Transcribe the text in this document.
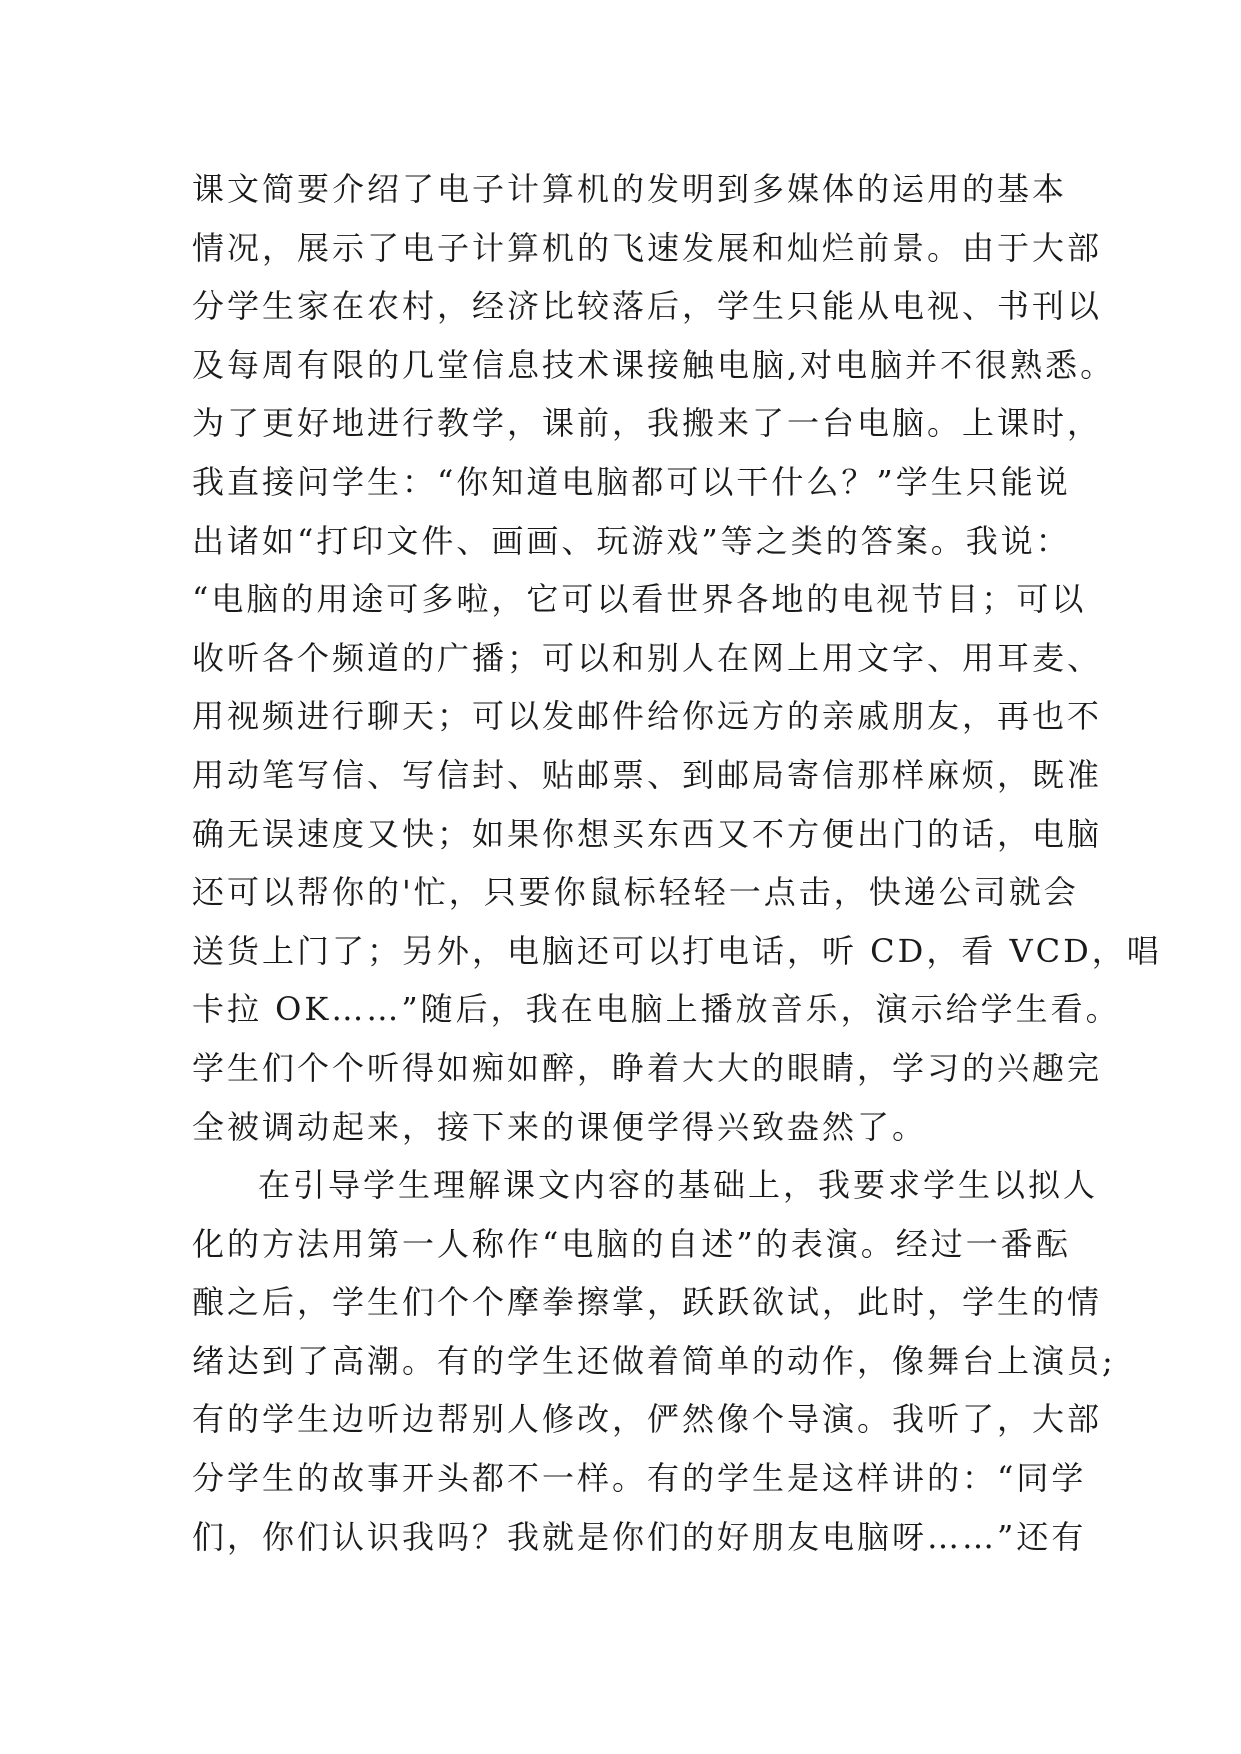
课文简要介绍了电子计算机的发明到多媒体的运用的基本
情况，展示了电子计算机的飞速发展和灿烂前景。由于大部
分学生家在农村，经济比较落后，学生只能从电视、书刊以
及每周有限的几堂信息技术课接触电脑,对电脑并不很熟悉。
为了更好地进行教学，课前，我搬来了一台电脑。上课时，
我直接问学生：“你知道电脑都可以干什么？”学生只能说
出诸如“打印文件、画画、玩游戏”等之类的答案。我说：
“电脑的用途可多啦，它可以看世界各地的电视节目；可以
收听各个频道的广播；可以和别人在网上用文字、用耳麦、
用视频进行聊天；可以发邮件给你远方的亲戚朋友，再也不
用动笔写信、写信封、贴邮票、到邮局寄信那样麻烦，既准
确无误速度又快；如果你想买东西又不方便出门的话，电脑
还可以帮你的'忙，只要你鼠标轻轻一点击，快递公司就会
送货上门了；另外，电脑还可以打电话，听 CD，看 VCD，唱
卡拉 OK……”随后，我在电脑上播放音乐，演示给学生看。
学生们个个听得如痴如醉，睁着大大的眼睛，学习的兴趣完
全被调动起来，接下来的课便学得兴致盎然了。
在引导学生理解课文内容的基础上，我要求学生以拟人
化的方法用第一人称作“电脑的自述”的表演。经过一番酝
酿之后，学生们个个摩拳擦掌，跃跃欲试，此时，学生的情
绪达到了高潮。有的学生还做着简单的动作，像舞台上演员;
有的学生边听边帮别人修改，俨然像个导演。我听了，大部
分学生的故事开头都不一样。有的学生是这样讲的：“同学
们，你们认识我吗？我就是你们的好朋友电脑呀……”还有
